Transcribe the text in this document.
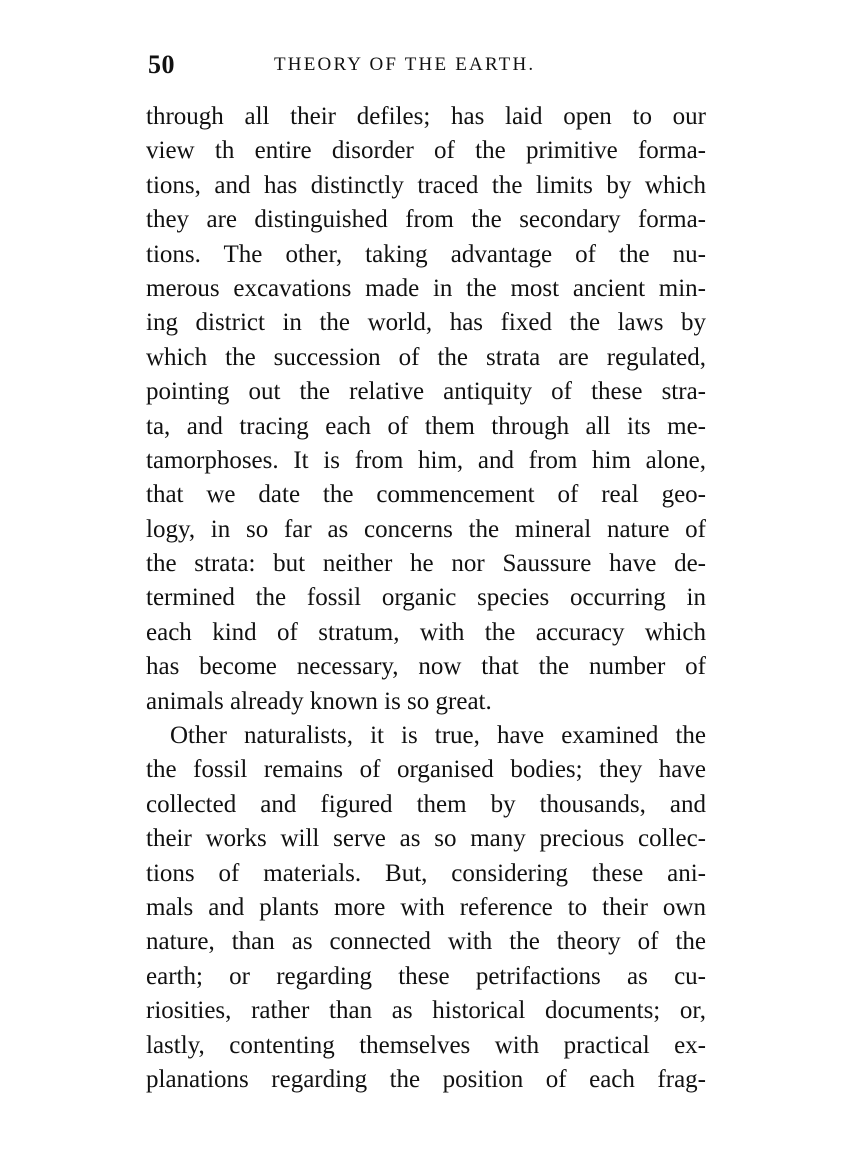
50	THEORY OF THE EARTH.
through all their defiles; has laid open to our
view th entire disorder of the primitive forma-
tions, and has distinctly traced the limits by which
they are distinguished from the secondary forma-
tions. The other, taking advantage of the nu-
merous excavations made in the most ancient min-
ing district in the world, has fixed the laws by
which the succession of the strata are regulated,
pointing out the relative antiquity of these stra-
ta, and tracing each of them through all its me-
tamorphoses. It is from him, and from him alone,
that we date the commencement of real geo-
logy, in so far as concerns the mineral nature of
the strata: but neither he nor Saussure have de-
termined the fossil organic species occurring in
each kind of stratum, with the accuracy which
has become necessary, now that the number of
animals already known is so great.
Other naturalists, it is true, have examined the
the fossil remains of organised bodies; they have
collected and figured them by thousands, and
their works will serve as so many precious collec-
tions of materials. But, considering these ani-
mals and plants more with reference to their own
nature, than as connected with the theory of the
earth; or regarding these petrifactions as cu-
riosities, rather than as historical documents; or,
lastly, contenting themselves with practical ex-
planations regarding the position of each frag-
